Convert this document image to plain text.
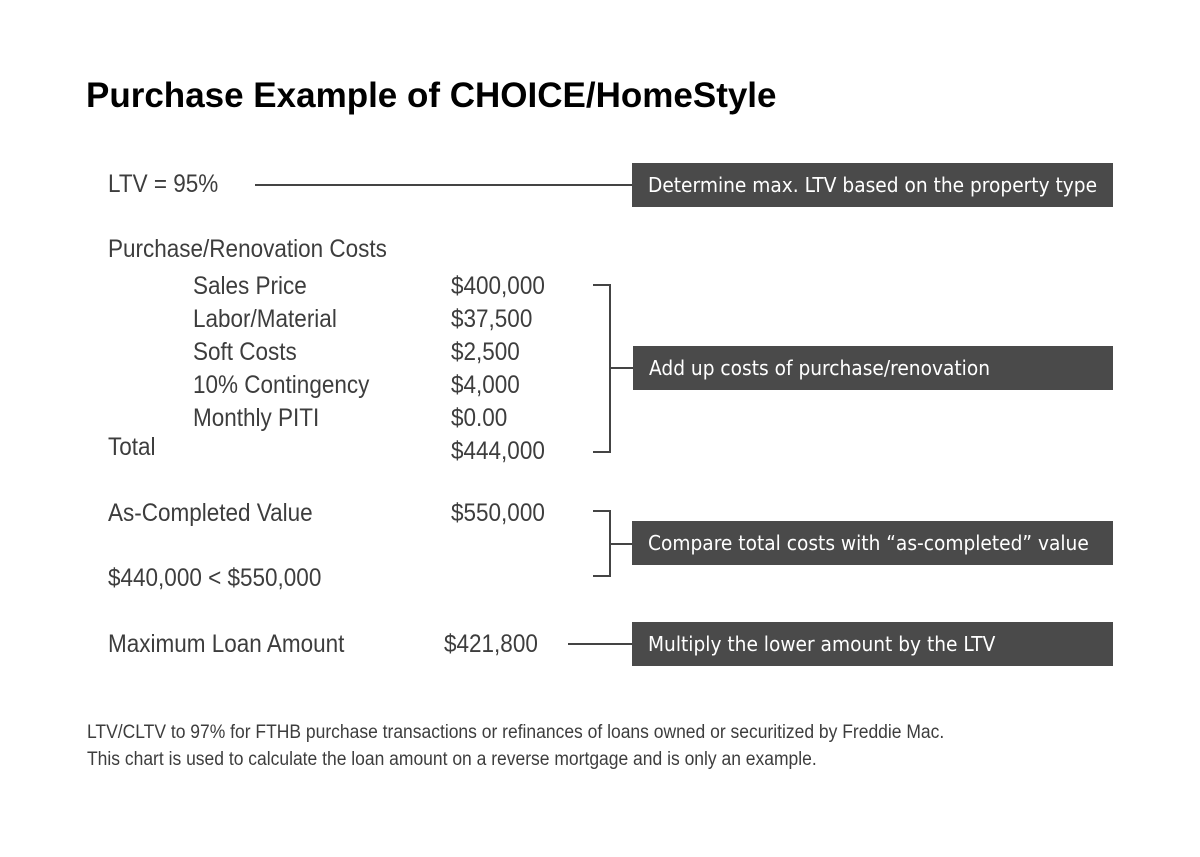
Purchase Example of CHOICE/HomeStyle
LTV = 95%	Determine max. LTV based on the property type
Purchase/Renovation Costs
Sales Price	$400,000
Labor/Material	$37,500
Soft Costs	$2,500
10% Contingency	$4,000
Monthly PITI	$0.00
Total	$444,000
Add up costs of purchase/renovation
As-Completed Value	$550,000
$440,000 < $550,000
Compare total costs with “as-completed” value
Maximum Loan Amount	$421,800	Multiply the lower amount by the LTV
LTV/CLTV to 97% for FTHB purchase transactions or refinances of loans owned or securitized by Freddie Mac.
This chart is used to calculate the loan amount on a reverse mortgage and is only an example.
